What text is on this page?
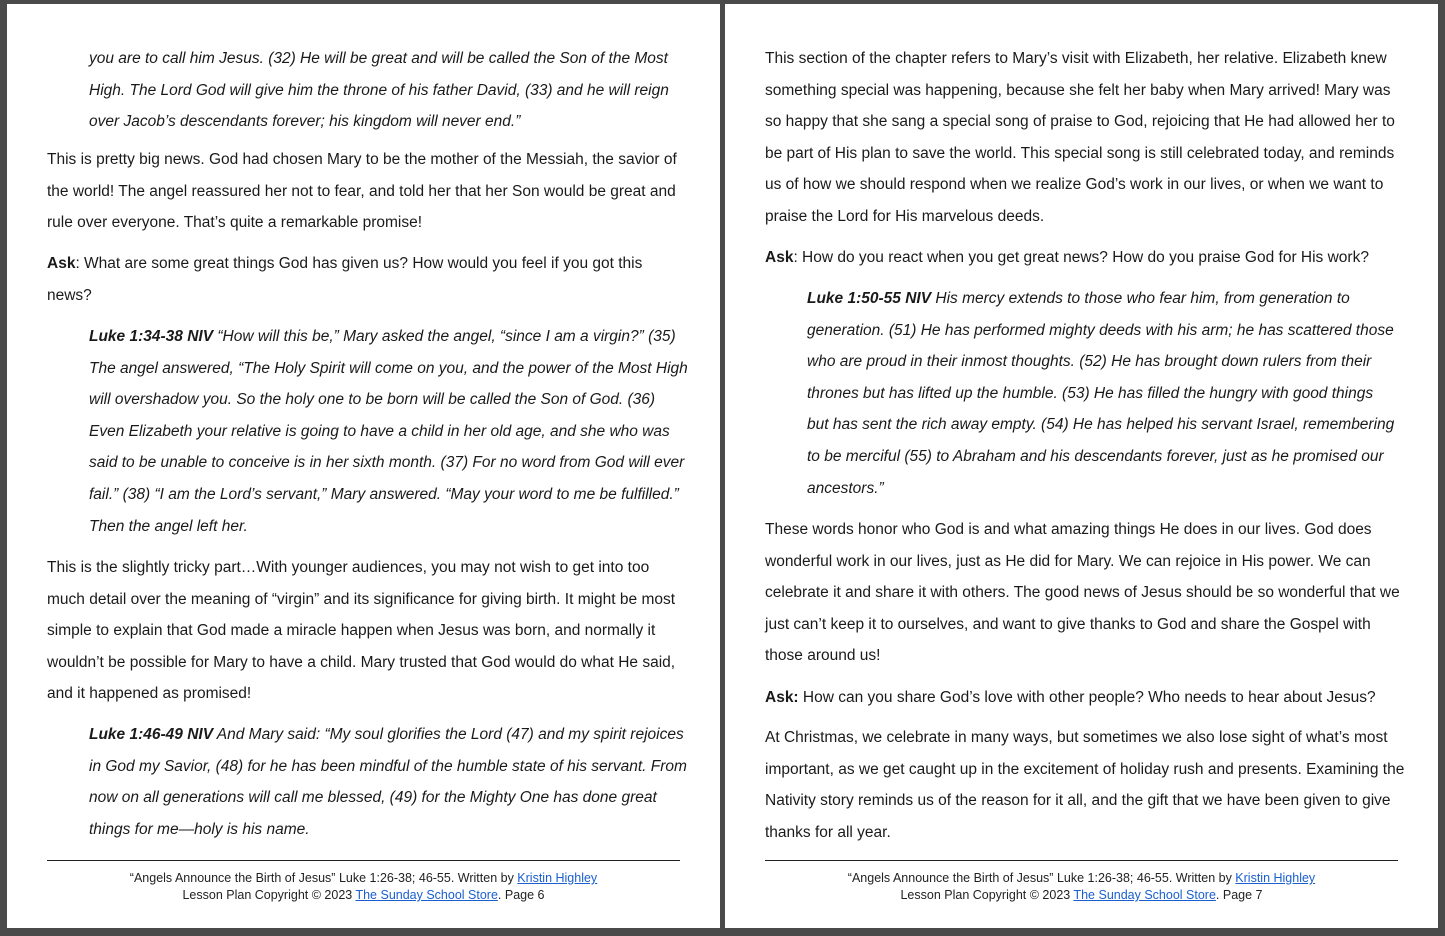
you are to call him Jesus. (32) He will be great and will be called the Son of the Most High. The Lord God will give him the throne of his father David, (33) and he will reign over Jacob’s descendants forever; his kingdom will never end.”

This is pretty big news. God had chosen Mary to be the mother of the Messiah, the savior of the world! The angel reassured her not to fear, and told her that her Son would be great and rule over everyone. That’s quite a remarkable promise!

Ask: What are some great things God has given us? How would you feel if you got this news?

Luke 1:34-38 NIV “How will this be,” Mary asked the angel, “since I am a virgin?” (35) The angel answered, “The Holy Spirit will come on you, and the power of the Most High will overshadow you. So the holy one to be born will be called the Son of God. (36) Even Elizabeth your relative is going to have a child in her old age, and she who was said to be unable to conceive is in her sixth month. (37) For no word from God will ever fail.” (38) “I am the Lord’s servant,” Mary answered. “May your word to me be fulfilled.” Then the angel left her.

This is the slightly tricky part…With younger audiences, you may not wish to get into too much detail over the meaning of “virgin” and its significance for giving birth. It might be most simple to explain that God made a miracle happen when Jesus was born, and normally it wouldn’t be possible for Mary to have a child. Mary trusted that God would do what He said, and it happened as promised!

Luke 1:46-49 NIV And Mary said: “My soul glorifies the Lord (47) and my spirit rejoices in God my Savior, (48) for he has been mindful of the humble state of his servant. From now on all generations will call me blessed, (49) for the Mighty One has done great things for me—holy is his name.

“Angels Announce the Birth of Jesus” Luke 1:26-38; 46-55. Written by Kristin Highley
Lesson Plan Copyright © 2023 The Sunday School Store. Page 6

This section of the chapter refers to Mary’s visit with Elizabeth, her relative. Elizabeth knew something special was happening, because she felt her baby when Mary arrived! Mary was so happy that she sang a special song of praise to God, rejoicing that He had allowed her to be part of His plan to save the world. This special song is still celebrated today, and reminds us of how we should respond when we realize God’s work in our lives, or when we want to praise the Lord for His marvelous deeds.

Ask: How do you react when you get great news? How do you praise God for His work?

Luke 1:50-55 NIV His mercy extends to those who fear him, from generation to generation. (51) He has performed mighty deeds with his arm; he has scattered those who are proud in their inmost thoughts. (52) He has brought down rulers from their thrones but has lifted up the humble. (53) He has filled the hungry with good things but has sent the rich away empty. (54) He has helped his servant Israel, remembering to be merciful (55) to Abraham and his descendants forever, just as he promised our ancestors.”

These words honor who God is and what amazing things He does in our lives. God does wonderful work in our lives, just as He did for Mary. We can rejoice in His power. We can celebrate it and share it with others. The good news of Jesus should be so wonderful that we just can’t keep it to ourselves, and want to give thanks to God and share the Gospel with those around us!

Ask: How can you share God’s love with other people? Who needs to hear about Jesus?

At Christmas, we celebrate in many ways, but sometimes we also lose sight of what’s most important, as we get caught up in the excitement of holiday rush and presents. Examining the Nativity story reminds us of the reason for it all, and the gift that we have been given to give thanks for all year.

“Angels Announce the Birth of Jesus” Luke 1:26-38; 46-55. Written by Kristin Highley
Lesson Plan Copyright © 2023 The Sunday School Store. Page 7
